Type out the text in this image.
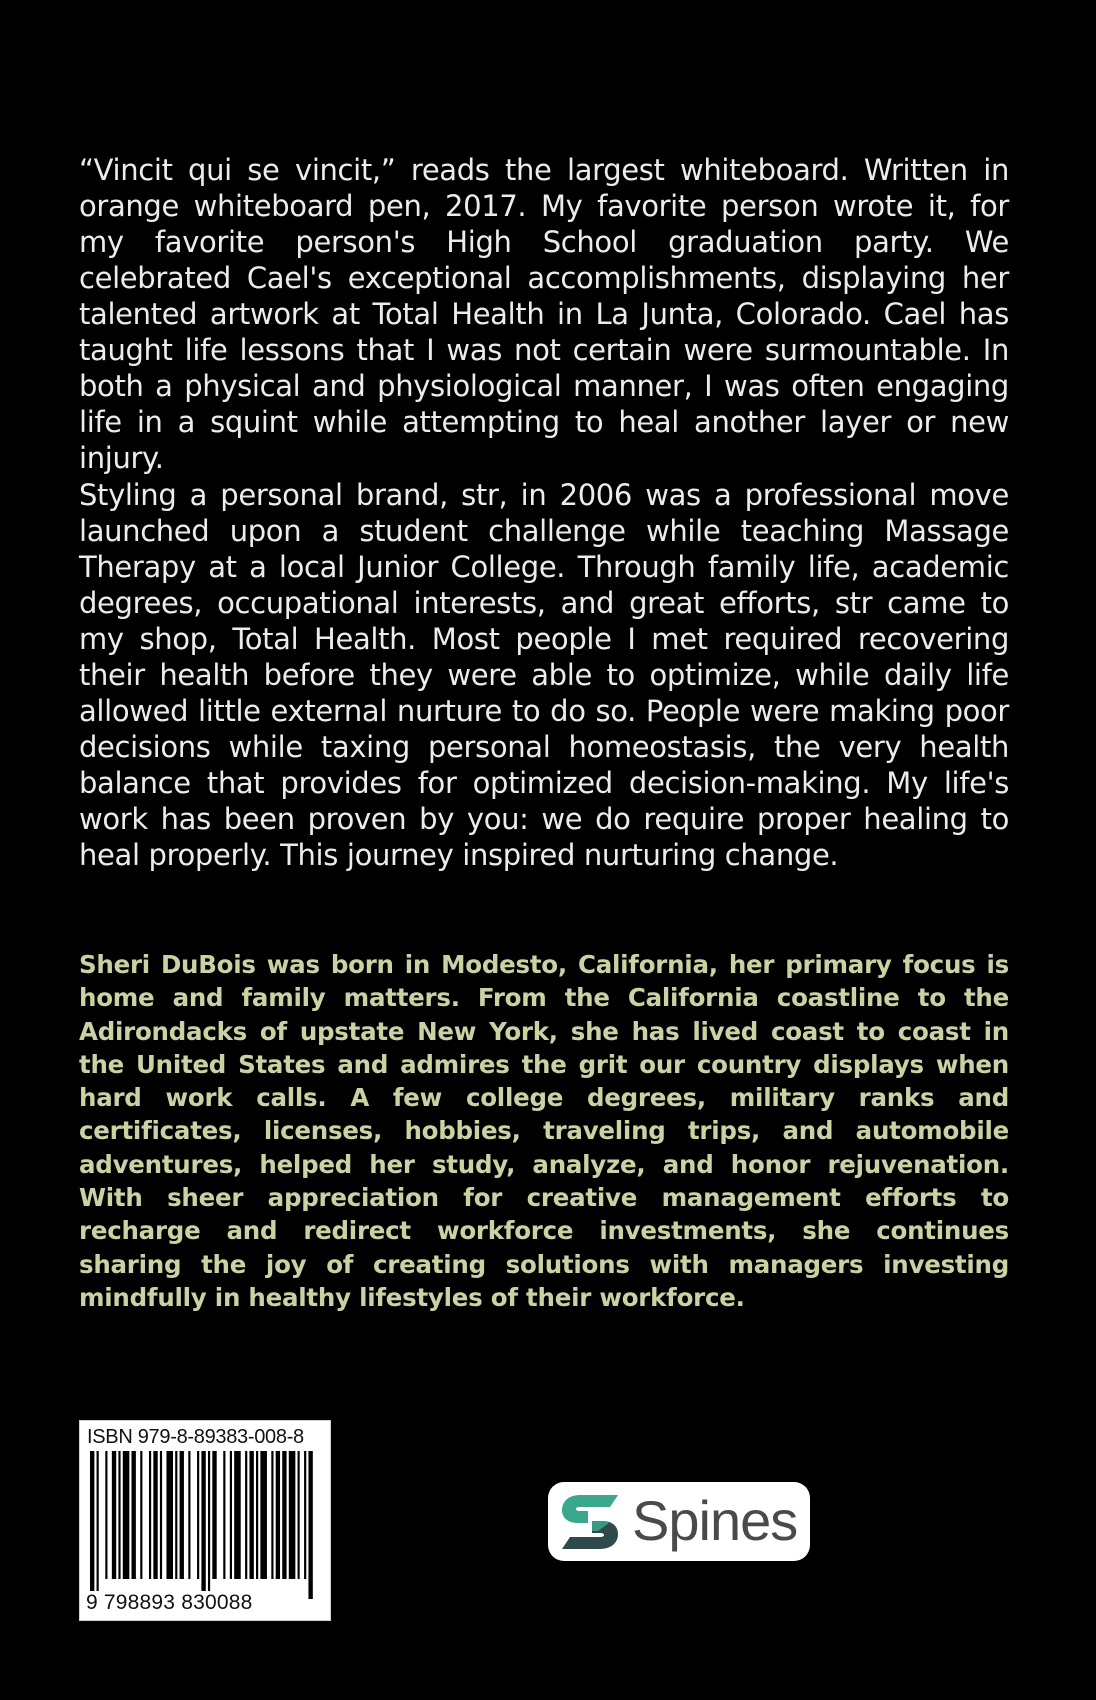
“Vincit qui se vincit,” reads the largest whiteboard. Written in orange whiteboard pen, 2017. My favorite person wrote it, for my favorite person's High School graduation party. We celebrated Cael's exceptional accomplishments, displaying her talented artwork at Total Health in La Junta, Colorado. Cael has taught life lessons that I was not certain were surmountable. In both a physical and physiological manner, I was often engaging life in a squint while attempting to heal another layer or new injury.

Styling a personal brand, str, in 2006 was a professional move launched upon a student challenge while teaching Massage Therapy at a local Junior College. Through family life, academic degrees, occupational interests, and great efforts, str came to my shop, Total Health. Most people I met required recovering their health before they were able to optimize, while daily life allowed little external nurture to do so. People were making poor decisions while taxing personal homeostasis, the very health balance that provides for optimized decision-making. My life's work has been proven by you: we do require proper healing to heal properly. This journey inspired nurturing change.

Sheri DuBois was born in Modesto, California, her primary focus is home and family matters. From the California coastline to the Adirondacks of upstate New York, she has lived coast to coast in the United States and admires the grit our country displays when hard work calls. A few college degrees, military ranks and certificates, licenses, hobbies, traveling trips, and automobile adventures, helped her study, analyze, and honor rejuvenation. With sheer appreciation for creative management efforts to recharge and redirect workforce investments, she continues sharing the joy of creating solutions with managers investing mindfully in healthy lifestyles of their workforce.

ISBN 979-8-89383-008-8
9 798893 830088
Spines
